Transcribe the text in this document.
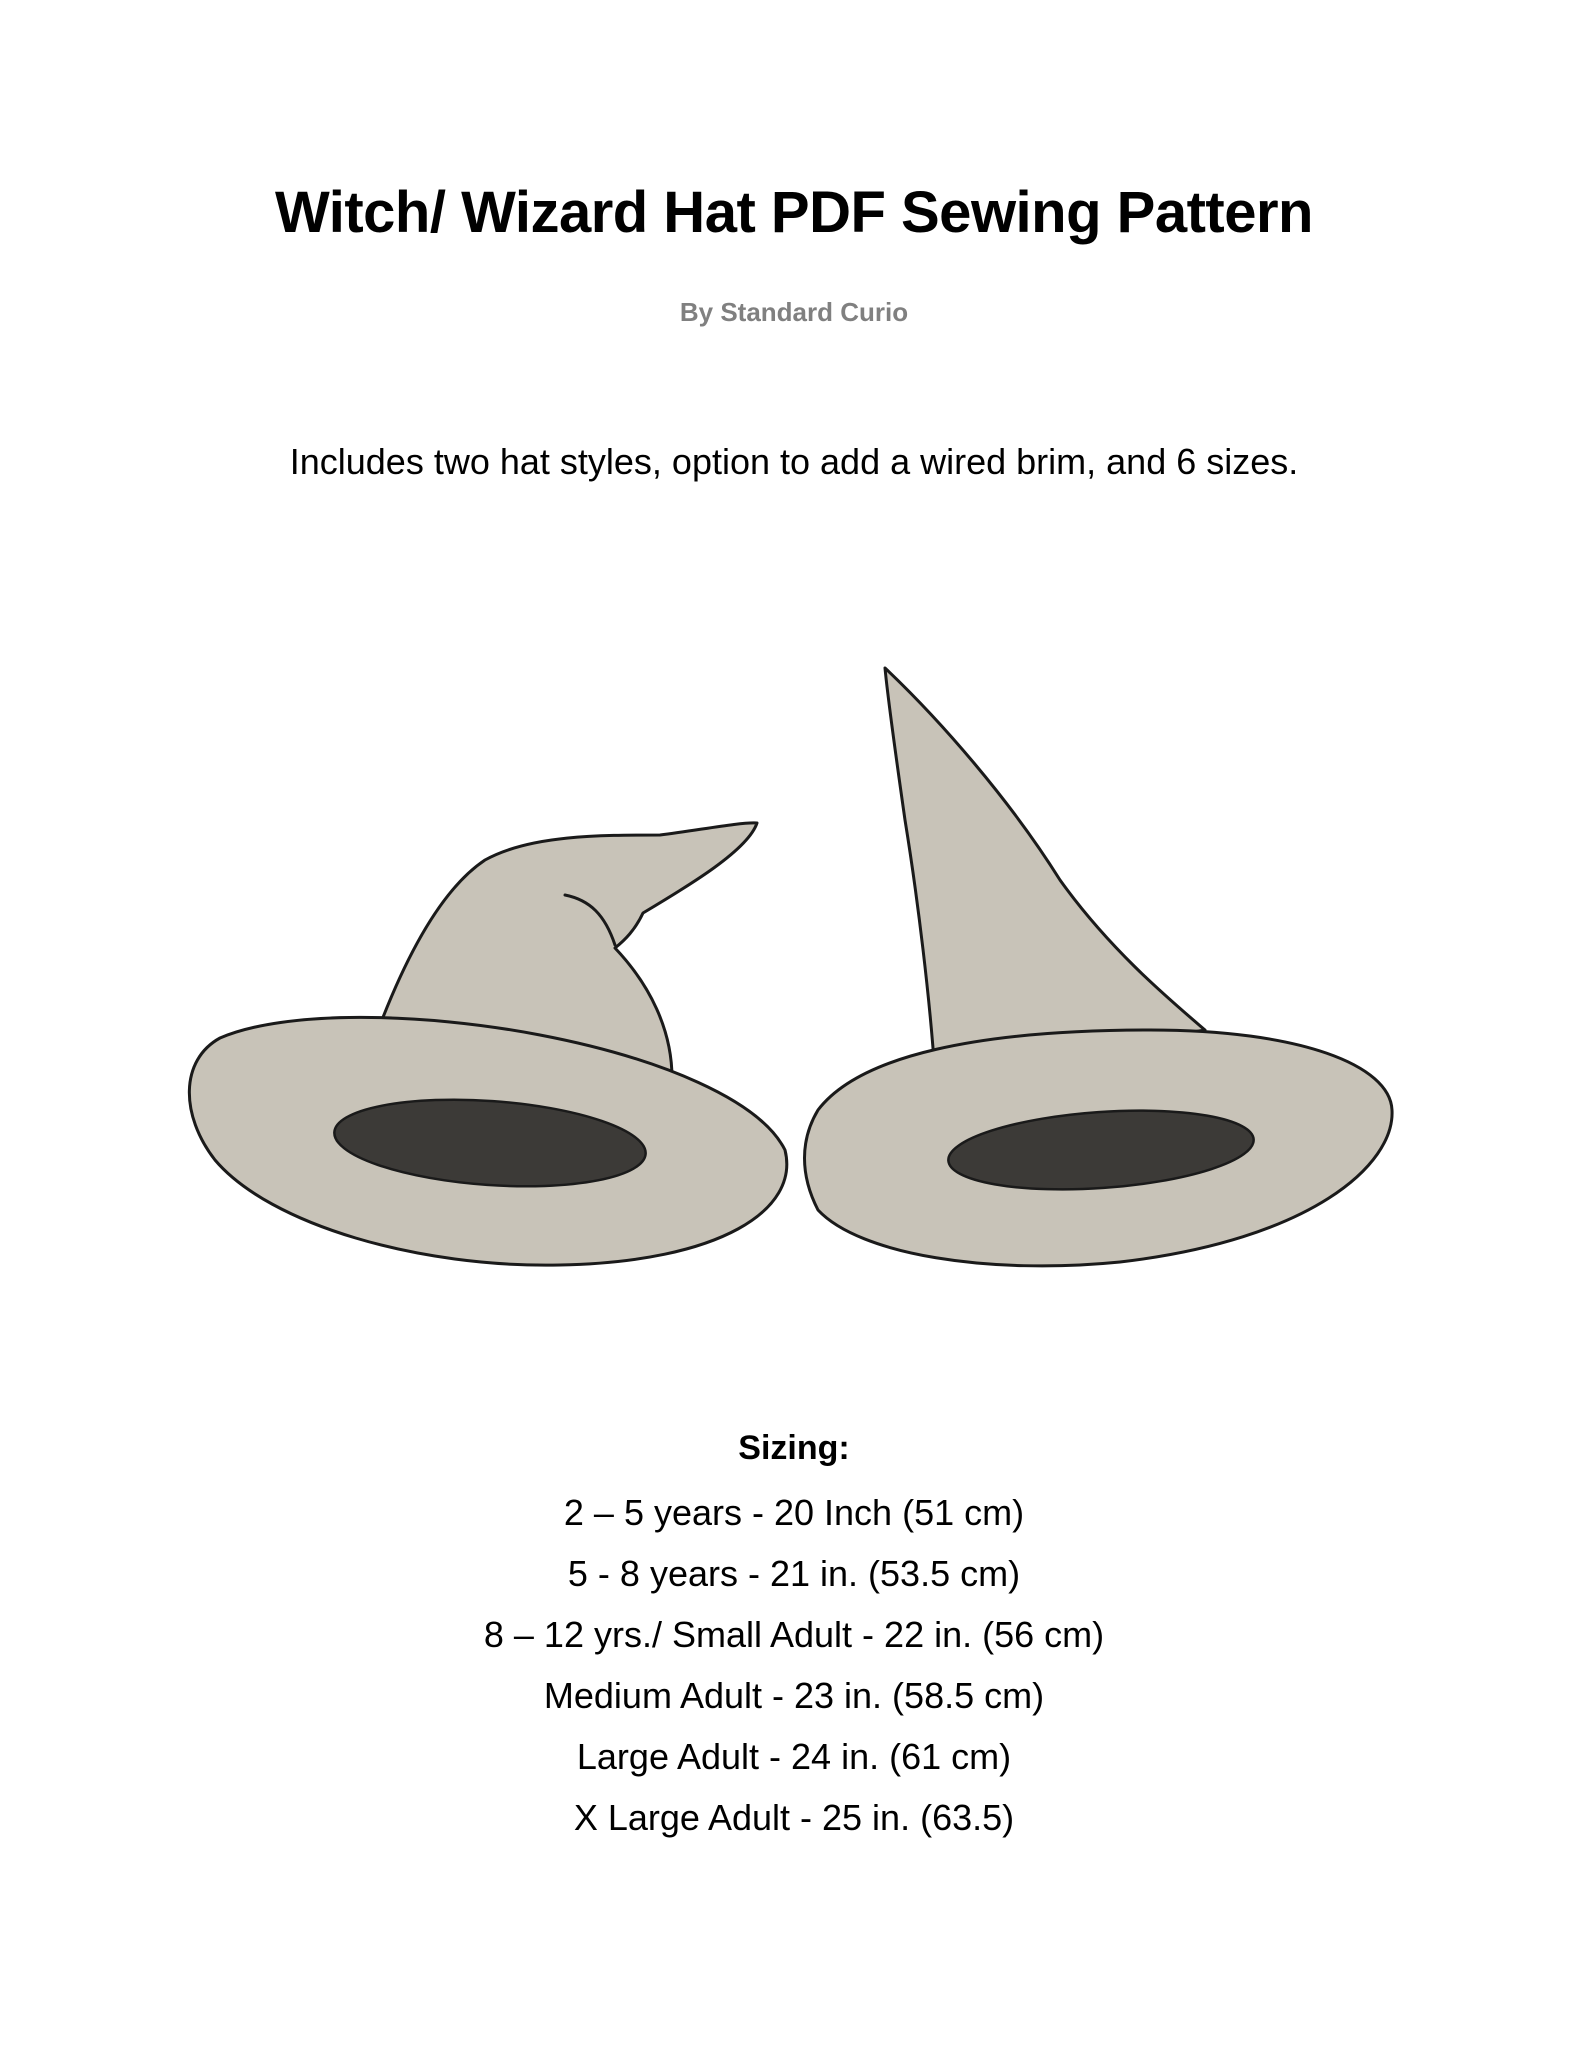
Witch/ Wizard Hat PDF Sewing Pattern
By Standard Curio
Includes two hat styles, option to add a wired brim, and 6 sizes.
Sizing:
2 – 5 years - 20 Inch (51 cm)
5 - 8 years - 21 in. (53.5 cm)
8 – 12 yrs./ Small Adult - 22 in. (56 cm)
Medium Adult - 23 in. (58.5 cm)
Large Adult - 24 in. (61 cm)
X Large Adult - 25 in. (63.5)
